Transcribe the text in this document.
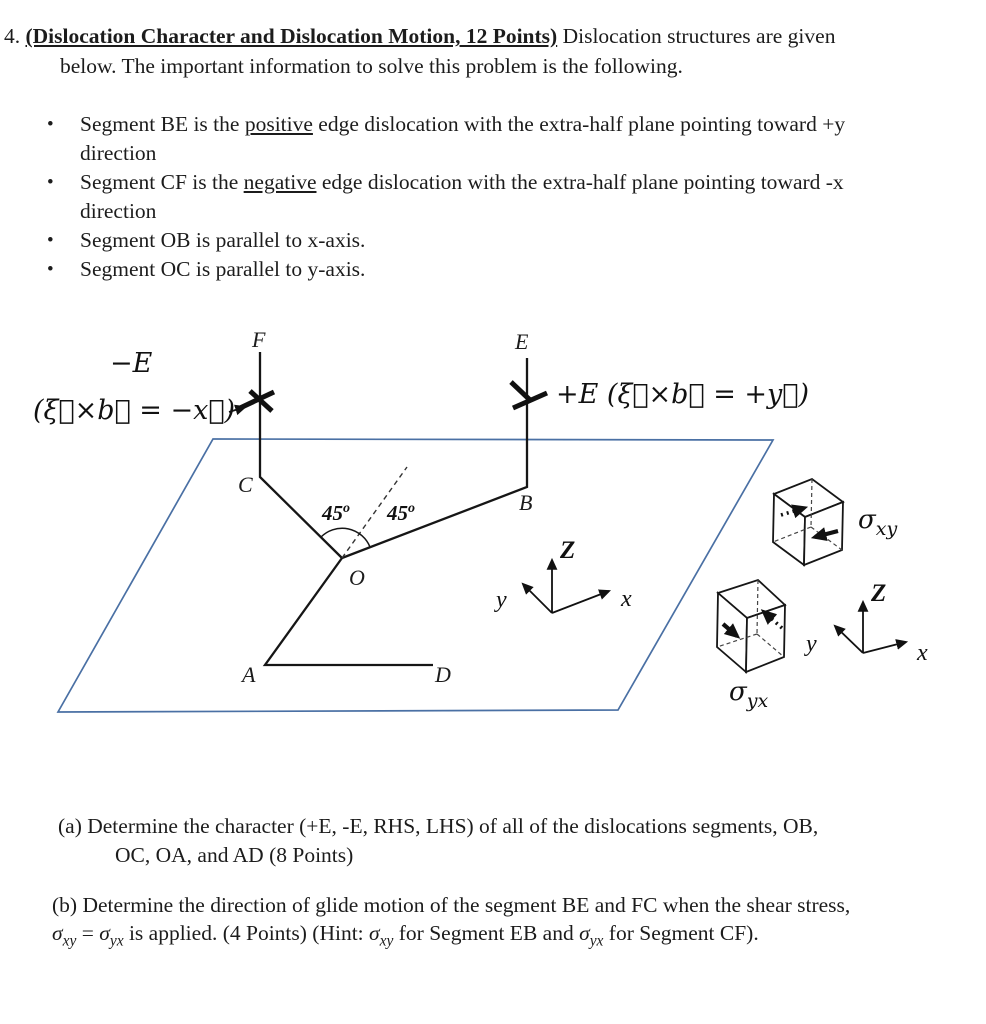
4. (Dislocation Character and Dislocation Motion, 12 Points) Dislocation structures are given
below. The important information to solve this problem is the following.
•	Segment BE is the positive edge dislocation with the extra-half plane pointing toward +y
direction
•	Segment CF is the negative edge dislocation with the extra-half plane pointing toward -x
direction
•	Segment OB is parallel to x-axis.
•	Segment OC is parallel to y-axis.
F	E
C
B
O
A	D
−E
(ξ⃗×b⃗ = −x⃗)
+E (ξ⃗×b⃗ = +y⃗)
45$^o$ 45$^o$
Z
y	x
$\sigma_{xy}$
$\sigma_{yx}$
Z
y	x
(a) Determine the character (+E, -E, RHS, LHS) of all of the dislocations segments, OB,
OC, OA, and AD (8 Points)
(b) Determine the direction of glide motion of the segment BE and FC when the shear stress,
$\sigma_{xy} = \sigma_{yx}$ is applied. (4 Points) (Hint: $\sigma_{xy}$ for Segment EB and $\sigma_{yx}$ for Segment CF).
